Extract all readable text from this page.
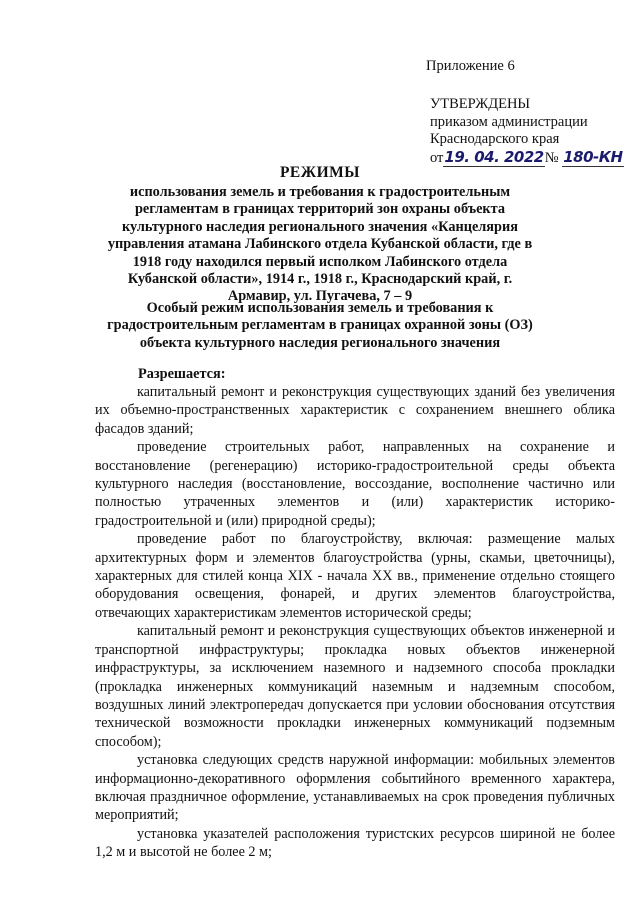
Приложение 6
УТВЕРЖДЕНЫ
приказом администрации
Краснодарского края
от19. 04. 2022№ 180-КН
РЕЖИМЫ
использования земель и требования к градостроительным регламентам в границах территорий зон охраны объекта культурного наследия регионального значения «Канцелярия управления атамана Лабинского отдела Кубанской области, где в 1918 году находился первый исполком Лабинского отдела Кубанской области», 1914 г., 1918 г., Краснодарский край, г. Армавир, ул. Пугачева, 7 – 9
Особый режим использования земель и требования к градостроительным регламентам в границах охранной зоны (ОЗ) объекта культурного наследия регионального значения
Разрешается:

капитальный ремонт и реконструкция существующих зданий без увеличения их объемно-пространственных характеристик с сохранением внешнего облика фасадов зданий;

проведение строительных работ, направленных на сохранение и восстановление (регенерацию) историко-градостроительной среды объекта культурного наследия (восстановление, воссоздание, восполнение частично или полностью утраченных элементов и (или) характеристик историко-градостроительной и (или) природной среды);

проведение работ по благоустройству, включая: размещение малых архитектурных форм и элементов благоустройства (урны, скамьи, цветочницы), характерных для стилей конца XIX - начала XX вв., применение отдельно стоящего оборудования освещения, фонарей, и других элементов благоустройства, отвечающих характеристикам элементов исторической среды;

капитальный ремонт и реконструкция существующих объектов инженерной и транспортной инфраструктуры; прокладка новых объектов инженерной инфраструктуры, за исключением наземного и надземного способа прокладки (прокладка инженерных коммуникаций наземным и надземным способом, воздушных линий электропередач допускается при условии обоснования отсутствия технической возможности прокладки инженерных коммуникаций подземным способом);

установка следующих средств наружной информации: мобильных элементов информационно-декоративного оформления событийного временного характера, включая праздничное оформление, устанавливаемых на срок проведения публичных мероприятий;

установка указателей расположения туристских ресурсов шириной не более 1,2 м и высотой не более 2 м;
